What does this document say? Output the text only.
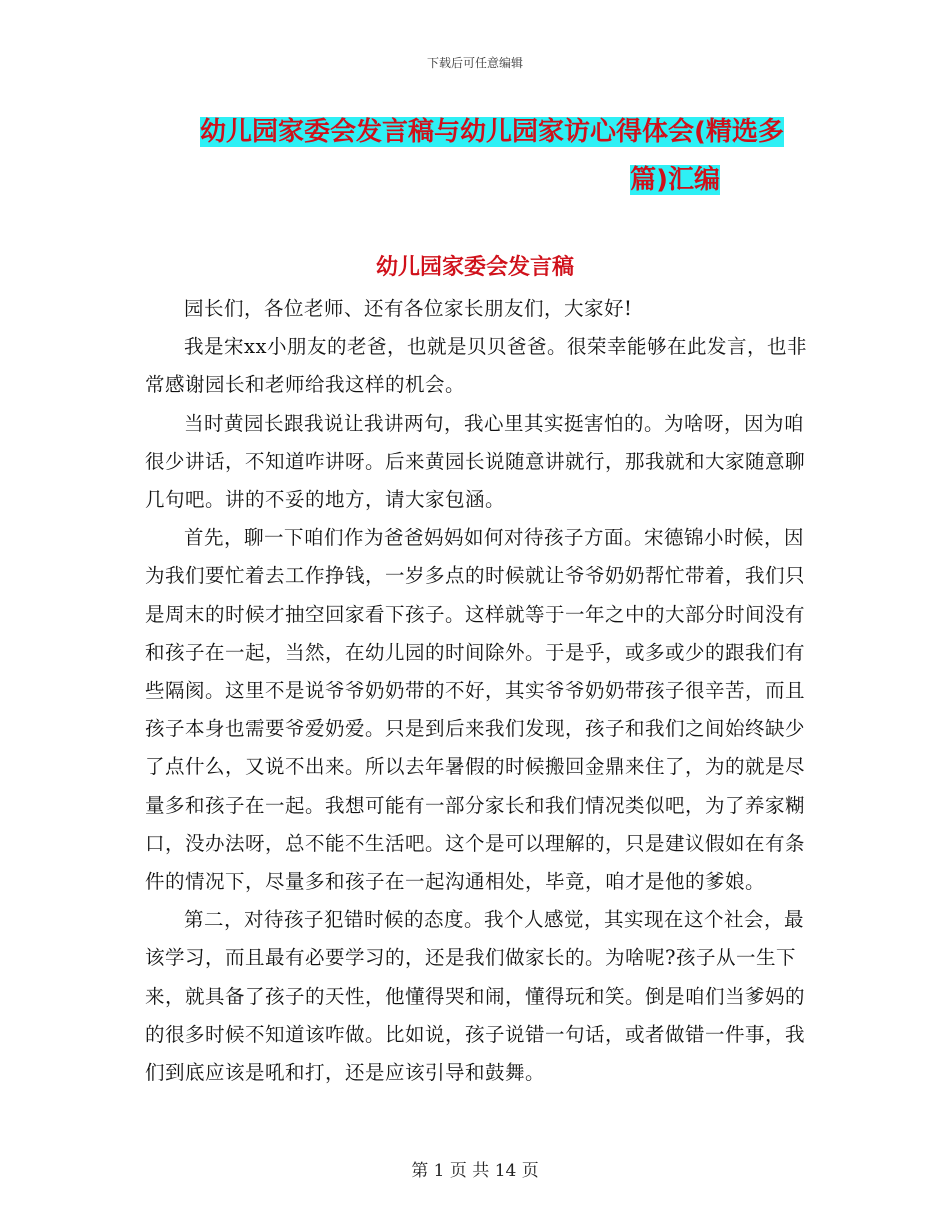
下载后可任意编辑
幼儿园家委会发言稿与幼儿园家访心得体会(精选多
篇)汇编
幼儿园家委会发言稿

园长们，各位老师、还有各位家长朋友们，大家好!

我是宋xx小朋友的老爸，也就是贝贝爸爸。很荣幸能够在此发言，也非常感谢园长和老师给我这样的机会。

当时黄园长跟我说让我讲两句，我心里其实挺害怕的。为啥呀，因为咱很少讲话，不知道咋讲呀。后来黄园长说随意讲就行，那我就和大家随意聊几句吧。讲的不妥的地方，请大家包涵。

首先，聊一下咱们作为爸爸妈妈如何对待孩子方面。宋德锦小时候，因为我们要忙着去工作挣钱，一岁多点的时候就让爷爷奶奶帮忙带着，我们只是周末的时候才抽空回家看下孩子。这样就等于一年之中的大部分时间没有和孩子在一起，当然，在幼儿园的时间除外。于是乎，或多或少的跟我们有些隔阂。这里不是说爷爷奶奶带的不好，其实爷爷奶奶带孩子很辛苦，而且孩子本身也需要爷爱奶爱。只是到后来我们发现，孩子和我们之间始终缺少了点什么，又说不出来。所以去年暑假的时候搬回金鼎来住了，为的就是尽量多和孩子在一起。我想可能有一部分家长和我们情况类似吧，为了养家糊口，没办法呀，总不能不生活吧。这个是可以理解的，只是建议假如在有条件的情况下，尽量多和孩子在一起沟通相处，毕竟，咱才是他的爹娘。

第二，对待孩子犯错时候的态度。我个人感觉，其实现在这个社会，最该学习，而且最有必要学习的，还是我们做家长的。为啥呢?孩子从一生下来，就具备了孩子的天性，他懂得哭和闹，懂得玩和笑。倒是咱们当爹妈的的很多时候不知道该咋做。比如说，孩子说错一句话，或者做错一件事，我们到底应该是吼和打，还是应该引导和鼓舞。

第 1 页 共 14 页
